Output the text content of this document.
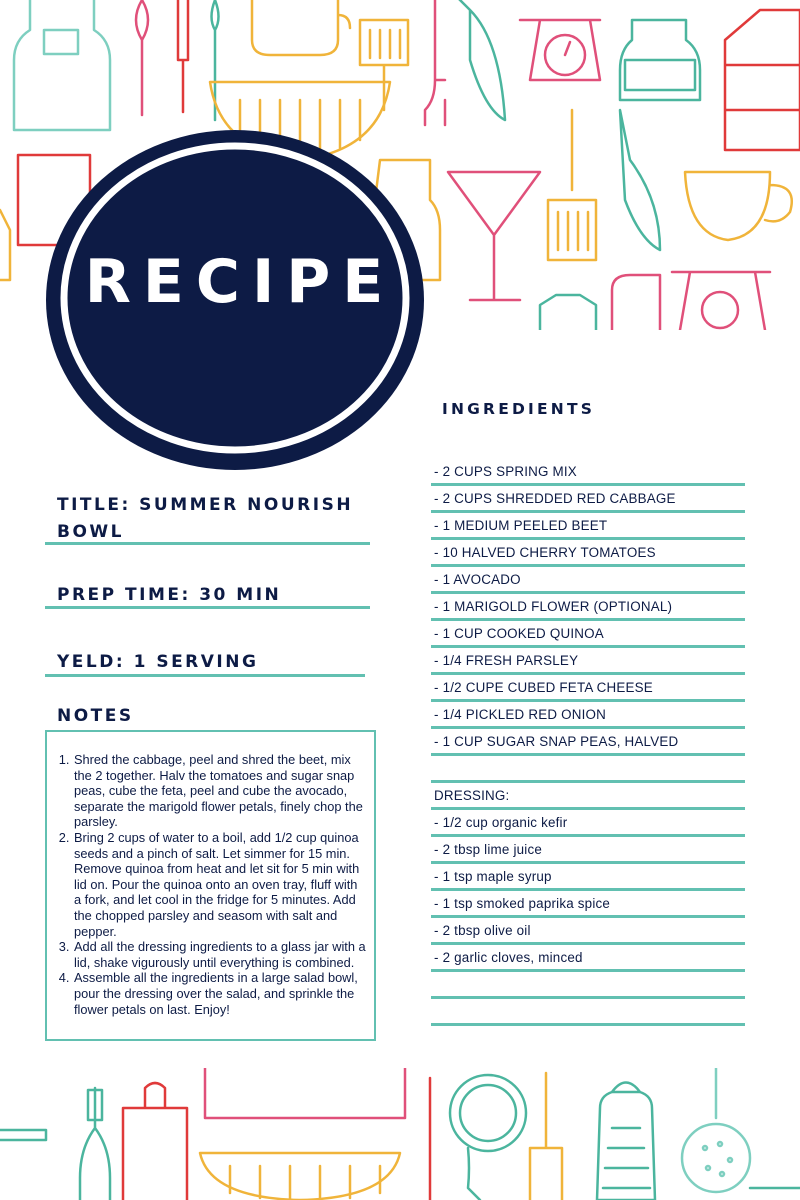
RECIPE
TITLE: SUMMER NOURISH BOWL
PREP TIME: 30 MIN
YELD: 1 SERVING
NOTES
1. Shred the cabbage, peel and shred the beet, mix the 2 together. Halv the tomatoes and sugar snap peas, cube the feta, peel and cube the avocado, separate the marigold flower petals, finely chop the parsley.
2. Bring 2 cups of water to a boil, add 1/2 cup quinoa seeds and a pinch of salt. Let simmer for 15 min. Remove quinoa from heat and let sit for 5 min with lid on. Pour the quinoa onto an oven tray, fluff with a fork, and let cool in the fridge for 5 minutes. Add the chopped parsley and seasom with salt and pepper.
3. Add all the dressing ingredients to a glass jar with a lid, shake vigurously until everything is combined.
4. Assemble all the ingredients in a large salad bowl, pour the dressing over the salad, and sprinkle the flower petals on last. Enjoy!
INGREDIENTS
- 2 CUPS SPRING MIX
- 2 CUPS SHREDDED RED CABBAGE
- 1 MEDIUM PEELED BEET
- 10 HALVED CHERRY TOMATOES
- 1 AVOCADO
- 1 MARIGOLD FLOWER (OPTIONAL)
- 1 CUP COOKED QUINOA
- 1/4 FRESH PARSLEY
- 1/2 CUPE CUBED FETA CHEESE
- 1/4 PICKLED RED ONION
- 1 CUP SUGAR SNAP PEAS, HALVED
DRESSING:
- 1/2 cup organic kefir
- 2 tbsp lime juice
- 1 tsp maple syrup
- 1 tsp smoked paprika spice
- 2 tbsp olive oil
- 2 garlic cloves, minced
